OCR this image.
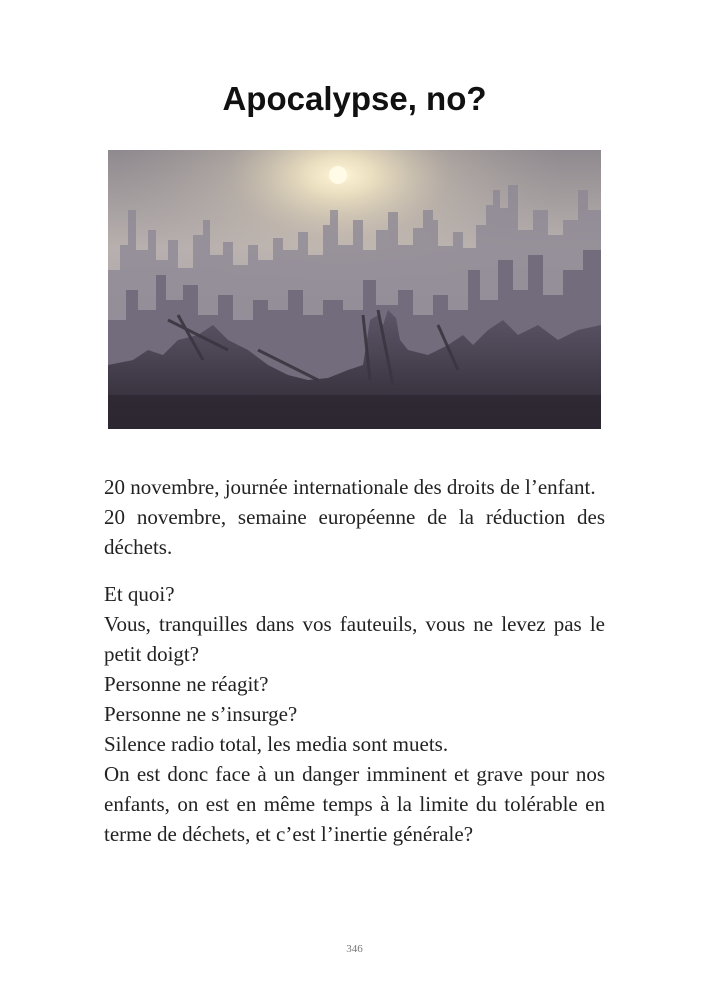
Apocalypse, no?

20 novembre, journée internationale des droits de l’enfant.

20 novembre, semaine européenne de la réduction des déchets.

Et quoi?

Vous, tranquilles dans vos fauteuils, vous ne levez pas le petit doigt?

Personne ne réagit?

Personne ne s’insurge?

Silence radio total, les media sont muets.

On est donc face à un danger imminent et grave pour nos enfants, on est en même temps à la limite du tolérable en terme de déchets, et c’est l’inertie générale?

346
